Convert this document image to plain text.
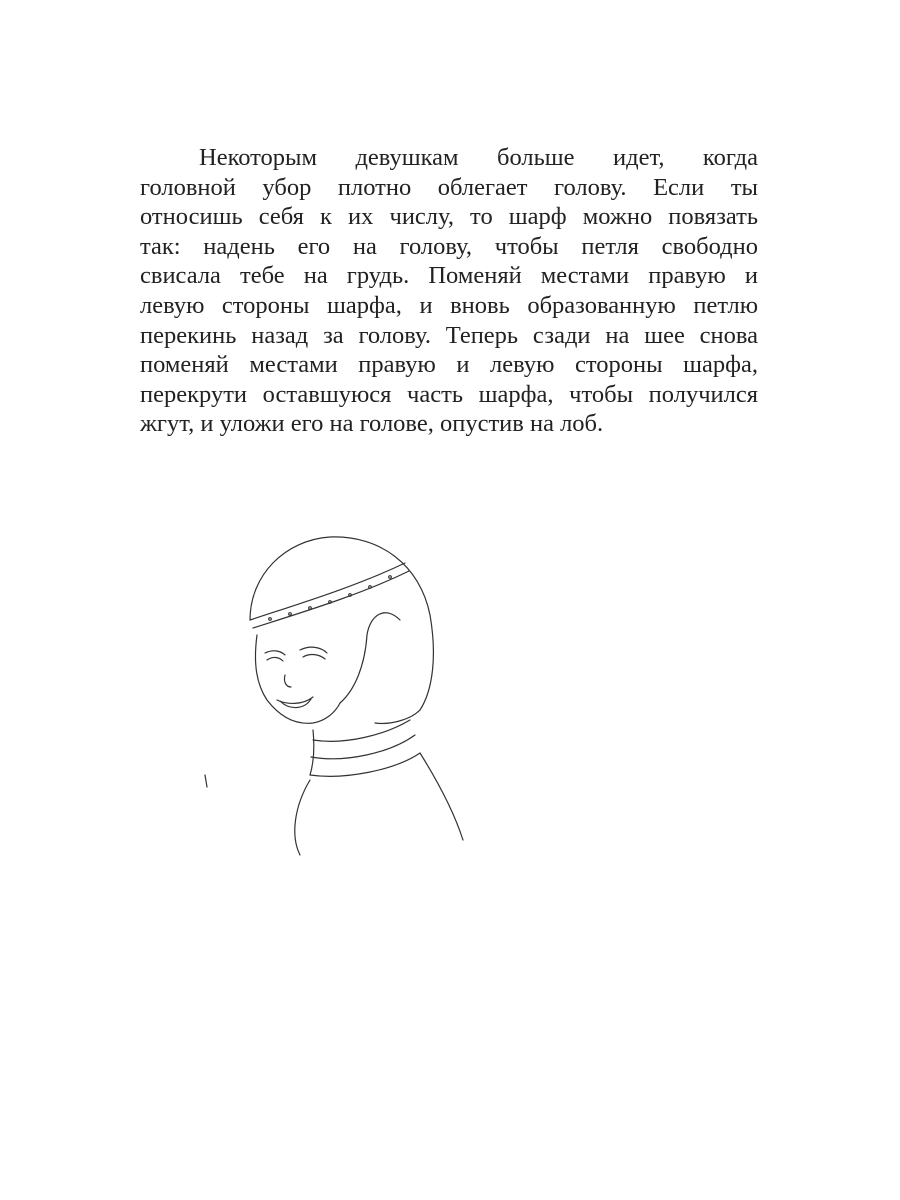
Некоторым девушкам больше идет, когда
головной убор плотно облегает голову. Если ты
относишь себя к их числу, то шарф можно повязать
так: надень его на голову, чтобы петля свободно
свисала тебе на грудь. Поменяй местами правую и
левую стороны шарфа, и вновь образованную петлю
перекинь назад за голову. Теперь сзади на шее снова
поменяй местами правую и левую стороны шарфа,
перекрути оставшуюся часть шарфа, чтобы получился
жгут, и уложи его на голове, опустив на лоб.
